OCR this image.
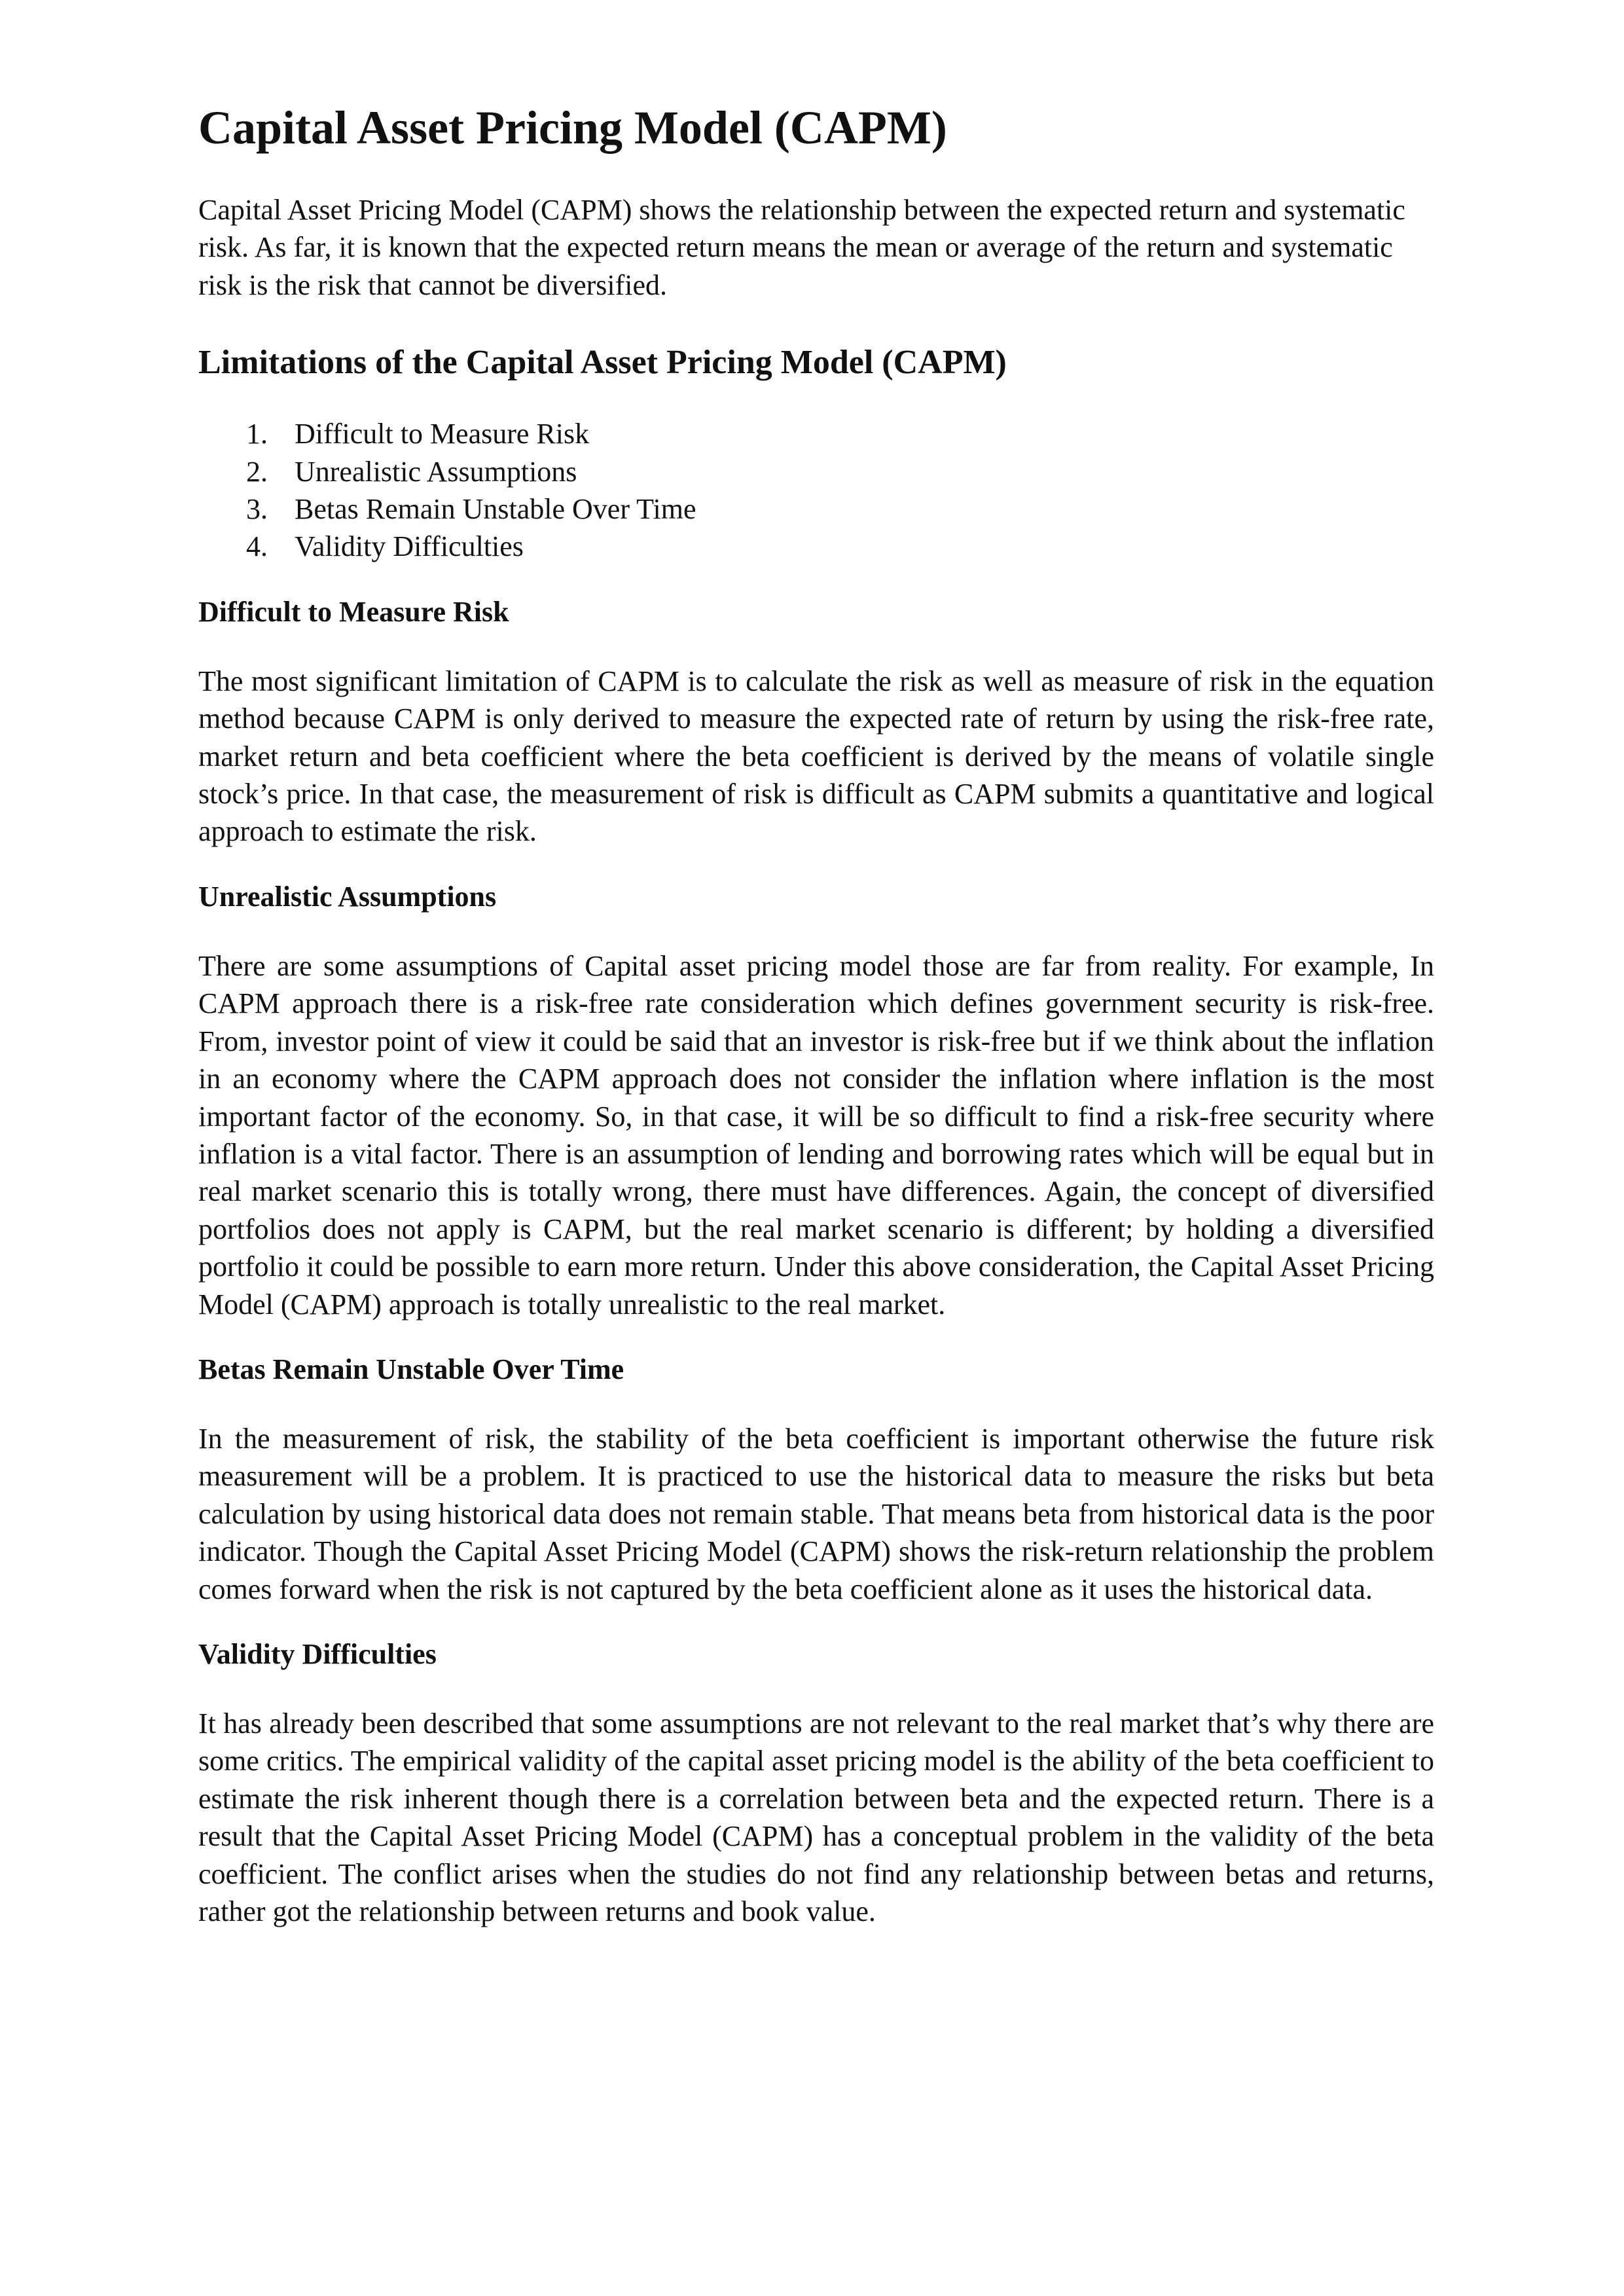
Capital Asset Pricing Model (CAPM)

Capital Asset Pricing Model (CAPM) shows the relationship between the expected return and systematic risk. As far, it is known that the expected return means the mean or average of the return and systematic risk is the risk that cannot be diversified.

Limitations of the Capital Asset Pricing Model (CAPM)
1. Difficult to Measure Risk
2. Unrealistic Assumptions
3. Betas Remain Unstable Over Time
4. Validity Difficulties
Difficult to Measure Risk

The most significant limitation of CAPM is to calculate the risk as well as measure of risk in the equation method because CAPM is only derived to measure the expected rate of return by using the risk-free rate, market return and beta coefficient where the beta coefficient is derived by the means of volatile single stock’s price. In that case, the measurement of risk is difficult as CAPM submits a quantitative and logical approach to estimate the risk.

Unrealistic Assumptions

There are some assumptions of Capital asset pricing model those are far from reality. For example, In CAPM approach there is a risk-free rate consideration which defines government security is risk-free. From, investor point of view it could be said that an investor is risk-free but if we think about the inflation in an economy where the CAPM approach does not consider the inflation where inflation is the most important factor of the economy. So, in that case, it will be so difficult to find a risk-free security where inflation is a vital factor. There is an assumption of lending and borrowing rates which will be equal but in real market scenario this is totally wrong, there must have differences. Again, the concept of diversified portfolios does not apply is CAPM, but the real market scenario is different; by holding a diversified portfolio it could be possible to earn more return. Under this above consideration, the Capital Asset Pricing Model (CAPM) approach is totally unrealistic to the real market.

Betas Remain Unstable Over Time

In the measurement of risk, the stability of the beta coefficient is important otherwise the future risk measurement will be a problem. It is practiced to use the historical data to measure the risks but beta calculation by using historical data does not remain stable. That means beta from historical data is the poor indicator. Though the Capital Asset Pricing Model (CAPM) shows the risk-return relationship the problem comes forward when the risk is not captured by the beta coefficient alone as it uses the historical data.

Validity Difficulties

It has already been described that some assumptions are not relevant to the real market that’s why there are some critics. The empirical validity of the capital asset pricing model is the ability of the beta coefficient to estimate the risk inherent though there is a correlation between beta and the expected return. There is a result that the Capital Asset Pricing Model (CAPM) has a conceptual problem in the validity of the beta coefficient. The conflict arises when the studies do not find any relationship between betas and returns, rather got the relationship between returns and book value.
